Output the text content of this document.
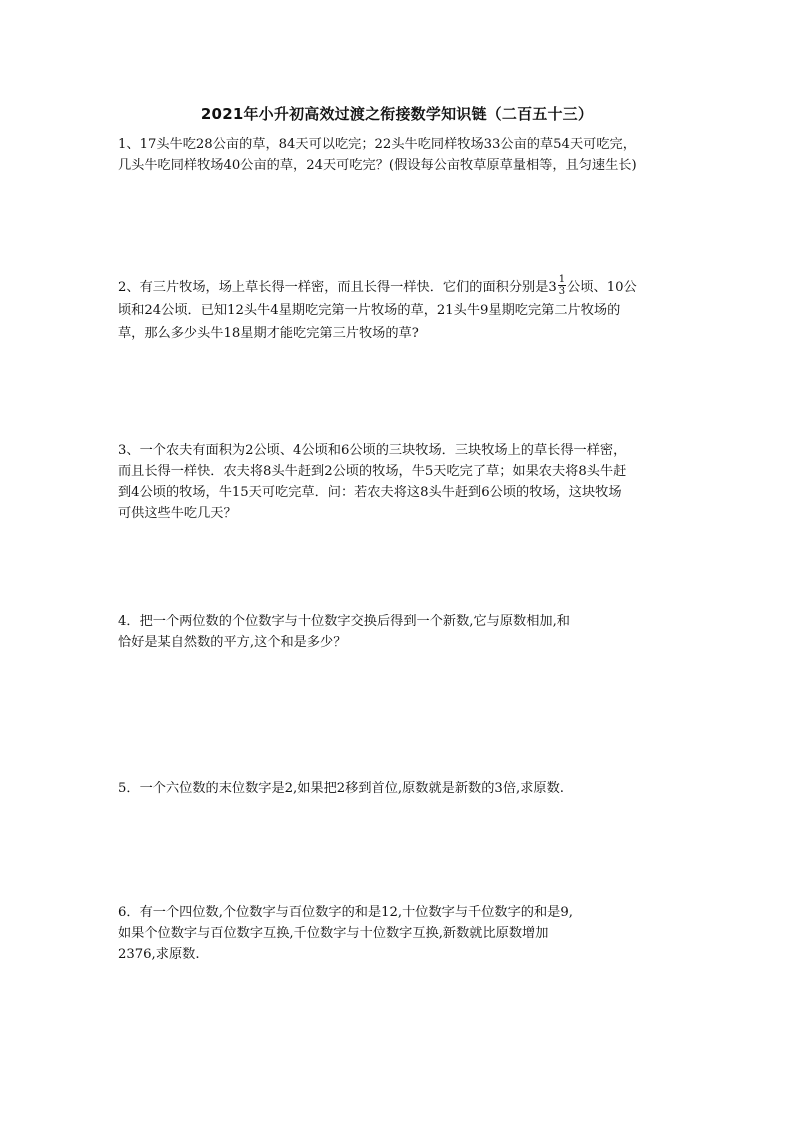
2021年小升初高效过渡之衔接数学知识链（二百五十三）
1、17头牛吃28公亩的草，84天可以吃完；22头牛吃同样牧场33公亩的草54天可吃完，
几头牛吃同样牧场40公亩的草，24天可吃完？(假设每公亩牧草原草量相等，且匀速生长)
2、有三片牧场，场上草长得一样密，而且长得一样快．它们的面积分别是$3 \frac{1}{3}$ 公顷、10公
顷和24公顷．已知12头牛4星期吃完第一片牧场的草，21头牛9星期吃完第二片牧场的
草，那么多少头牛18星期才能吃完第三片牧场的草?
3、一个农夫有面积为2公顷、4公顷和6公顷的三块牧场．三块牧场上的草长得一样密，
而且长得一样快．农夫将8头牛赶到2公顷的牧场，牛5天吃完了草；如果农夫将8头牛赶
到4公顷的牧场，牛15天可吃完草．问：若农夫将这8头牛赶到6公顷的牧场，这块牧场
可供这些牛吃几天？
4．把一个两位数的个位数字与十位数字交换后得到一个新数,它与原数相加,和
恰好是某自然数的平方,这个和是多少？
5．一个六位数的末位数字是2,如果把2移到首位,原数就是新数的3倍,求原数.
6．有一个四位数,个位数字与百位数字的和是12,十位数字与千位数字的和是9,
如果个位数字与百位数字互换,千位数字与十位数字互换,新数就比原数增加
2376,求原数.
